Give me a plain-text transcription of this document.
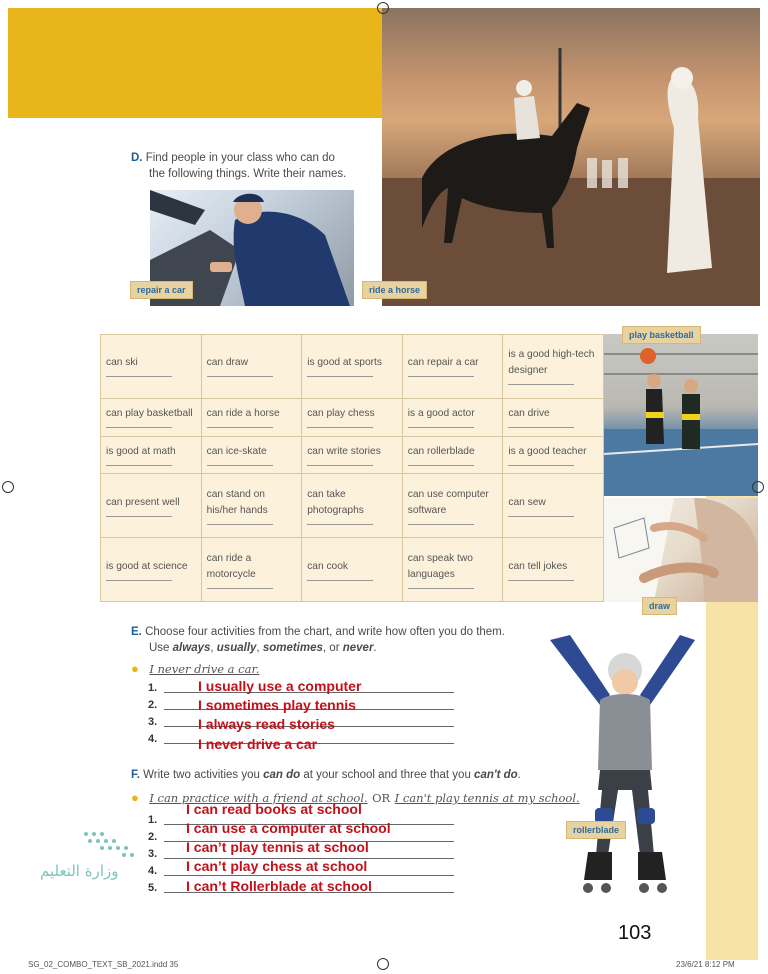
ride a horse
repair a car
D. Find people in your class who can do
the following things. Write their names.
can ski	can draw	is good at sports	can repair a car	is a good high-tech designer

can play basketball	can ride a horse	can play chess	is a good actor	can drive

is good at math	can ice-skate	can write stories	can rollerblade	is a good teacher

can present well	can stand on his/her hands	can take photographs	can use computer software	can sew

is good at science	can ride a motorcycle	can cook	can speak two languages	can tell jokes
play basketball
draw
rollerblade
E. Choose four activities from the chart, and write how often you do them.
Use always, usually, sometimes, or never.
● I never drive a car.
1.	I usually use a computer
2.	I sometimes play tennis
3.	I always read stories
4.	I never drive a car
F. Write two activities you can do at your school and three that you can't do.
● I can practice with a friend at school. OR I can't play tennis at my school.
1.
I can read books at school
2.
I can use a computer at school
3. I can’t play tennis at school
4. I can’t play chess at school
5. I can’t Rollerblade at school
وزارة التعليم
103
SG_02_COMBO_TEXT_SB_2021.indd 35	23/6/21 8:12 PM
